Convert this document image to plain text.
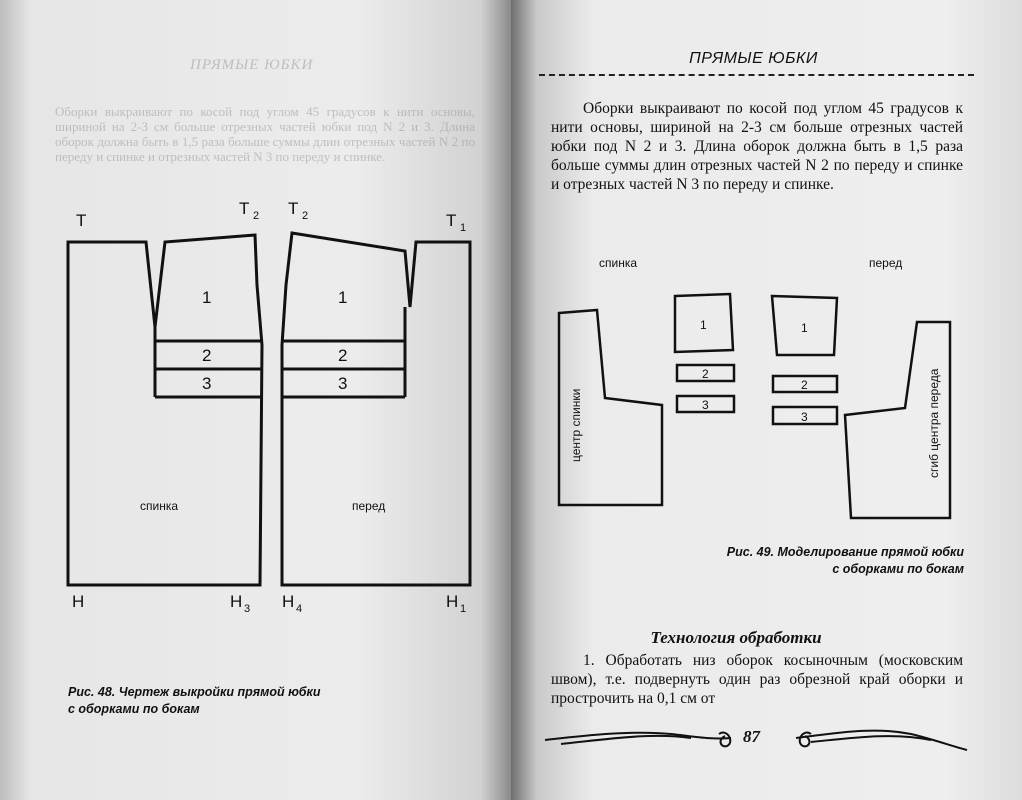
ПРЯМЫЕ ЮБКИ
Оборки выкраивают по косой под углом 45 градусов к нити основы, шириной на 2-3 см больше отрезных частей юбки под N 2 и 3. Длина оборок должна быть в 1,5 раза больше суммы длин отрезных частей N 2 по переду и спинке и отрезных частей N 3 по переду и спинке.
T
T 2 T 2	T 1
H	H 3 H 4	H 1
1
2
3
1
2
3
спинка	перед
Рис. 48. Чертеж выкройки прямой юбки
с оборками по бокам
ПРЯМЫЕ ЮБКИ
Оборки выкраивают по косой под углом 45 градусов к нити основы, шириной на 2-3 см больше отрезных частей юбки под N 2 и 3. Длина оборок должна быть в 1,5 раза больше суммы длин отрезных частей N 2 по переду и спинке и отрезных частей N 3 по переду и спинке.
спинка	перед
центр спинки	сгиб центра переда
1
2
3
1
2
3
Рис. 49. Моделирование прямой юбки
с оборками по бокам
Технология обработки
1. Обработать низ оборок косыночным (московским швом), т.е. подвернуть один раз обрезной край оборки и прострочить на 0,1 см от
87
